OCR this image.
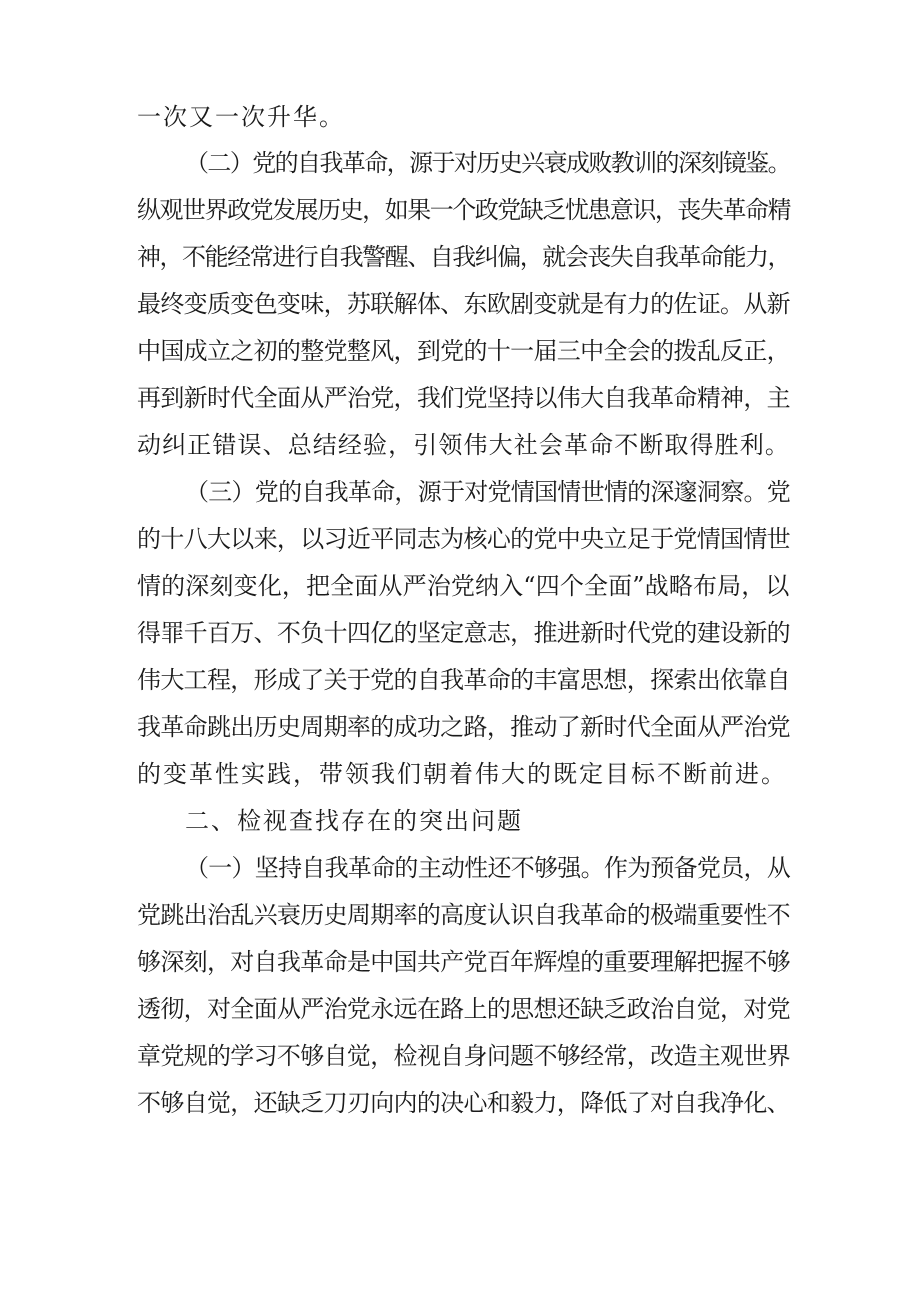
一次又一次升华。
（二）党的自我革命，源于对历史兴衰成败教训的深刻镜鉴。
纵观世界政党发展历史，如果一个政党缺乏忧患意识，丧失革命精
神，不能经常进行自我警醒、自我纠偏，就会丧失自我革命能力，
最终变质变色变味，苏联解体、东欧剧变就是有力的佐证。从新
中国成立之初的整党整风，到党的十一届三中全会的拨乱反正，
再到新时代全面从严治党，我们党坚持以伟大自我革命精神，主
动纠正错误、总结经验，引领伟大社会革命不断取得胜利。
（三）党的自我革命，源于对党情国情世情的深邃洞察。党
的十八大以来，以习近平同志为核心的党中央立足于党情国情世
情的深刻变化，把全面从严治党纳入“四个全面”战略布局，以
得罪千百万、不负十四亿的坚定意志，推进新时代党的建设新的
伟大工程，形成了关于党的自我革命的丰富思想，探索出依靠自
我革命跳出历史周期率的成功之路，推动了新时代全面从严治党
的变革性实践，带领我们朝着伟大的既定目标不断前进。
二、检视查找存在的突出问题
（一）坚持自我革命的主动性还不够强。作为预备党员，从
党跳出治乱兴衰历史周期率的高度认识自我革命的极端重要性不
够深刻，对自我革命是中国共产党百年辉煌的重要理解把握不够
透彻，对全面从严治党永远在路上的思想还缺乏政治自觉，对党
章党规的学习不够自觉，检视自身问题不够经常，改造主观世界
不够自觉，还缺乏刀刃向内的决心和毅力，降低了对自我净化、
